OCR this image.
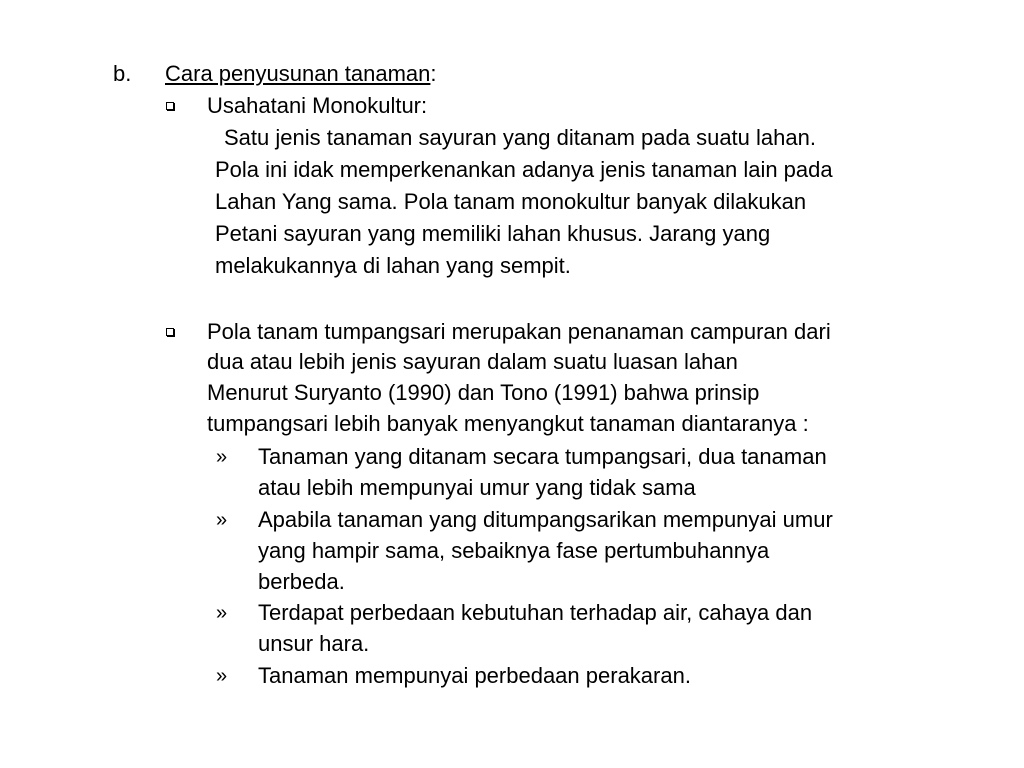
b. Cara penyusunan tanaman:
Usahatani Monokultur:
Satu jenis tanaman sayuran yang ditanam pada suatu lahan.
Pola ini idak memperkenankan adanya jenis tanaman lain pada
Lahan Yang sama. Pola tanam monokultur banyak dilakukan
Petani sayuran yang memiliki lahan khusus. Jarang yang
melakukannya di lahan yang sempit.
Pola tanam tumpangsari merupakan penanaman campuran dari
dua atau lebih jenis sayuran dalam suatu luasan lahan
Menurut Suryanto (1990) dan Tono (1991) bahwa prinsip
tumpangsari lebih banyak menyangkut tanaman diantaranya :
» Tanaman yang ditanam secara tumpangsari, dua tanaman
atau lebih mempunyai umur yang tidak sama
» Apabila tanaman yang ditumpangsarikan mempunyai umur
yang hampir sama, sebaiknya fase pertumbuhannya
berbeda.
» Terdapat perbedaan kebutuhan terhadap air, cahaya dan
unsur hara.
» Tanaman mempunyai perbedaan perakaran.
